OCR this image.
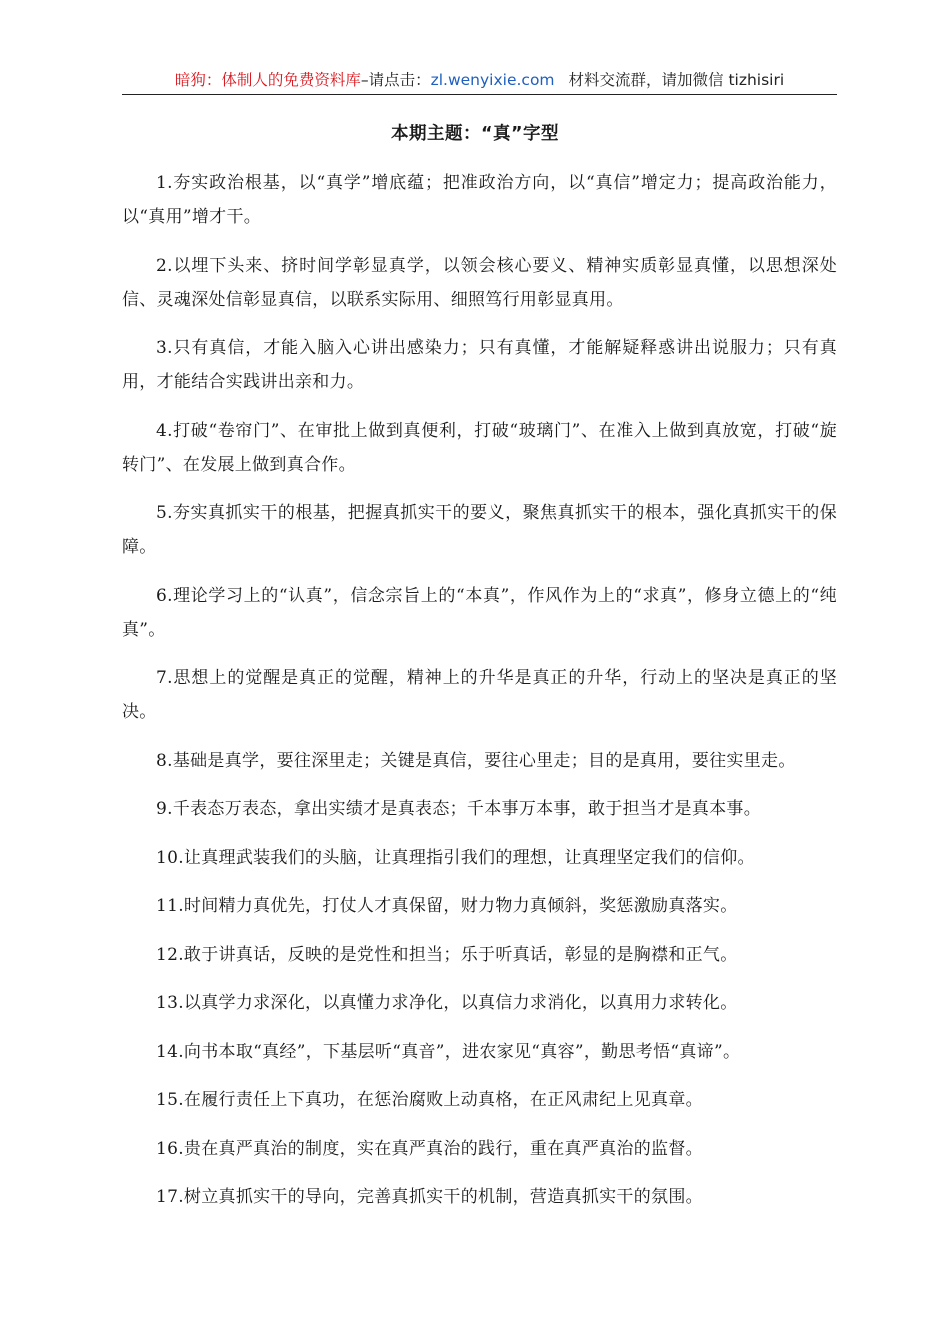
暗狗：体制人的免费资料库–请点击：zl.wenyixie.com 材料交流群，请加微信 tizhisiri
本期主题：“真”字型

1.夯实政治根基，以“真学”增底蕴；把准政治方向，以“真信”增定力；提高政治能力，以“真用”增才干。

2.以埋下头来、挤时间学彰显真学，以领会核心要义、精神实质彰显真懂，以思想深处信、灵魂深处信彰显真信，以联系实际用、细照笃行用彰显真用。

3.只有真信，才能入脑入心讲出感染力；只有真懂，才能解疑释惑讲出说服力；只有真用，才能结合实践讲出亲和力。

4.打破“卷帘门”、在审批上做到真便利，打破“玻璃门”、在准入上做到真放宽，打破“旋转门”、在发展上做到真合作。

5.夯实真抓实干的根基，把握真抓实干的要义，聚焦真抓实干的根本，强化真抓实干的保障。

6.理论学习上的“认真”，信念宗旨上的“本真”，作风作为上的“求真”，修身立德上的“纯真”。

7.思想上的觉醒是真正的觉醒，精神上的升华是真正的升华，行动上的坚决是真正的坚决。

8.基础是真学，要往深里走；关键是真信，要往心里走；目的是真用，要往实里走。

9.千表态万表态，拿出实绩才是真表态；千本事万本事，敢于担当才是真本事。

10.让真理武装我们的头脑，让真理指引我们的理想，让真理坚定我们的信仰。

11.时间精力真优先，打仗人才真保留，财力物力真倾斜，奖惩激励真落实。

12.敢于讲真话，反映的是党性和担当；乐于听真话，彰显的是胸襟和正气。

13.以真学力求深化，以真懂力求净化，以真信力求消化，以真用力求转化。

14.向书本取“真经”，下基层听“真音”，进农家见“真容”，勤思考悟“真谛”。

15.在履行责任上下真功，在惩治腐败上动真格，在正风肃纪上见真章。

16.贵在真严真治的制度，实在真严真治的践行，重在真严真治的监督。

17.树立真抓实干的导向，完善真抓实干的机制，营造真抓实干的氛围。
